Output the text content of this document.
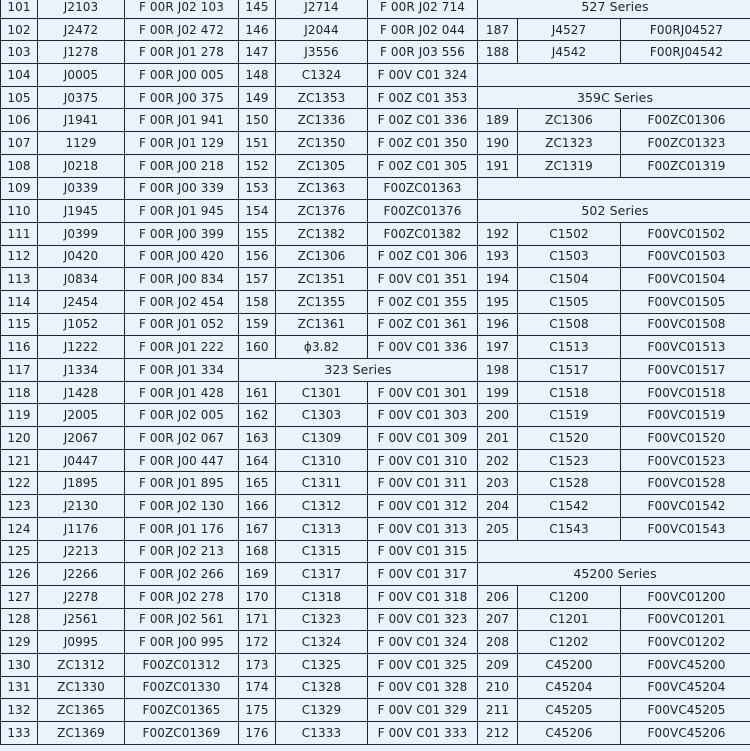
101	J2103	F 00R J02 103	145	J2714	F 00R J02 714	527 Series		
102	J2472	F 00R J02 472	146	J2044	F 00R J02 044	187	J4527	F00RJ04527
103	J1278	F 00R J01 278	147	J3556	F 00R J03 556	188	J4542	F00RJ04542
104	J0005	F 00R J00 005	148	C1324	F 00V C01 324			
105	J0375	F 00R J00 375	149	ZC1353	F 00Z C01 353	359C Series		
106	J1941	F 00R J01 941	150	ZC1336	F 00Z C01 336	189	ZC1306	F00ZC01306
107	1129	F 00R J01 129	151	ZC1350	F 00Z C01 350	190	ZC1323	F00ZC01323
108	J0218	F 00R J00 218	152	ZC1305	F 00Z C01 305	191	ZC1319	F00ZC01319
109	J0339	F 00R J00 339	153	ZC1363	F00ZC01363			
110	J1945	F 00R J01 945	154	ZC1376	F00ZC01376	502 Series		
111	J0399	F 00R J00 399	155	ZC1382	F00ZC01382	192	C1502	F00VC01502
112	J0420	F 00R J00 420	156	ZC1306	F 00Z C01 306	193	C1503	F00VC01503
113	J0834	F 00R J00 834	157	ZC1351	F 00V C01 351	194	C1504	F00VC01504
114	J2454	F 00R J02 454	158	ZC1355	F 00Z C01 355	195	C1505	F00VC01505
115	J1052	F 00R J01 052	159	ZC1361	F 00Z C01 361	196	C1508	F00VC01508
116	J1222	F 00R J01 222	160	ϕ3.82	F 00V C01 336	197	C1513	F00VC01513
117	J1334	F 00R J01 334	323 Series			198	C1517	F00VC01517
118	J1428	F 00R J01 428	161	C1301	F 00V C01 301	199	C1518	F00VC01518
119	J2005	F 00R J02 005	162	C1303	F 00V C01 303	200	C1519	F00VC01519
120	J2067	F 00R J02 067	163	C1309	F 00V C01 309	201	C1520	F00VC01520
121	J0447	F 00R J00 447	164	C1310	F 00V C01 310	202	C1523	F00VC01523
122	J1895	F 00R J01 895	165	C1311	F 00V C01 311	203	C1528	F00VC01528
123	J2130	F 00R J02 130	166	C1312	F 00V C01 312	204	C1542	F00VC01542
124	J1176	F 00R J01 176	167	C1313	F 00V C01 313	205	C1543	F00VC01543
125	J2213	F 00R J02 213	168	C1315	F 00V C01 315			
126	J2266	F 00R J02 266	169	C1317	F 00V C01 317	45200 Series		
127	J2278	F 00R J02 278	170	C1318	F 00V C01 318	206	C1200	F00VC01200
128	J2561	F 00R J02 561	171	C1323	F 00V C01 323	207	C1201	F00VC01201
129	J0995	F 00R J00 995	172	C1324	F 00V C01 324	208	C1202	F00VC01202
130	ZC1312	F00ZC01312	173	C1325	F 00V C01 325	209	C45200	F00VC45200
131	ZC1330	F00ZC01330	174	C1328	F 00V C01 328	210	C45204	F00VC45204
132	ZC1365	F00ZC01365	175	C1329	F 00V C01 329	211	C45205	F00VC45205
133	ZC1369	F00ZC01369	176	C1333	F 00V C01 333	212	C45206	F00VC45206
